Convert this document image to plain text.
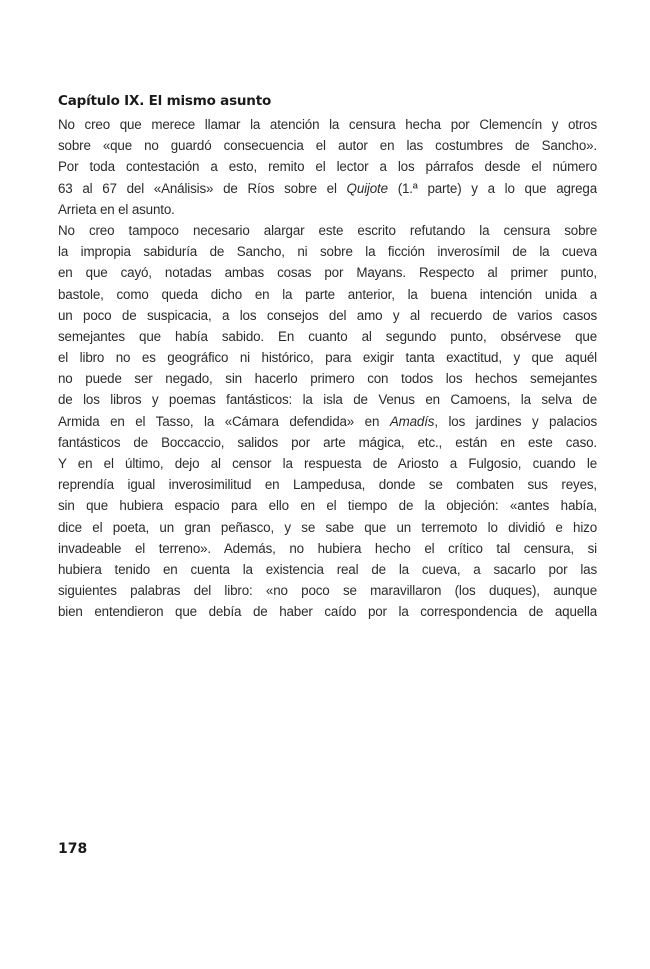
Capítulo IX. El mismo asunto
No creo que merece llamar la atención la censura hecha por Clemencín y otros
sobre «que no guardó consecuencia el autor en las costumbres de Sancho».
Por toda contestación a esto, remito el lector a los párrafos desde el número
63 al 67 del «Análisis» de Ríos sobre el Quijote (1.ª parte) y a lo que agrega
Arrieta en el asunto.
No creo tampoco necesario alargar este escrito refutando la censura sobre
la impropia sabiduría de Sancho, ni sobre la ficción inverosímil de la cueva
en que cayó, notadas ambas cosas por Mayans. Respecto al primer punto,
bastole, como queda dicho en la parte anterior, la buena intención unida a
un poco de suspicacia, a los consejos del amo y al recuerdo de varios casos
semejantes que había sabido. En cuanto al segundo punto, obsérvese que
el libro no es geográfico ni histórico, para exigir tanta exactitud, y que aquél
no puede ser negado, sin hacerlo primero con todos los hechos semejantes
de los libros y poemas fantásticos: la isla de Venus en Camoens, la selva de
Armida en el Tasso, la «Cámara defendida» en Amadís, los jardines y palacios
fantásticos de Boccaccio, salidos por arte mágica, etc., están en este caso.
Y en el último, dejo al censor la respuesta de Ariosto a Fulgosio, cuando le
reprendía igual inverosimilitud en Lampedusa, donde se combaten sus reyes,
sin que hubiera espacio para ello en el tiempo de la objeción: «antes había,
dice el poeta, un gran peñasco, y se sabe que un terremoto lo dividió e hizo
invadeable el terreno». Además, no hubiera hecho el crítico tal censura, si
hubiera tenido en cuenta la existencia real de la cueva, a sacarlo por las
siguientes palabras del libro: «no poco se maravillaron (los duques), aunque
bien entendieron que debía de haber caído por la correspondencia de aquella
178
